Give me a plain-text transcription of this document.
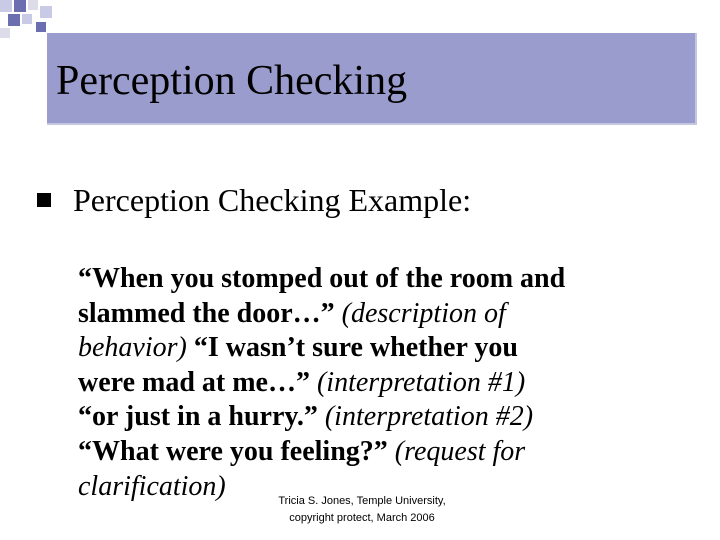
Perception Checking
Perception Checking Example:
“When you stomped out of the room and
slammed the door…” (description of
behavior) “I wasn’t sure whether you
were mad at me…” (interpretation #1)
“or just in a hurry.” (interpretation #2)
“What were you feeling?” (request for
clarification)	Tricia S. Jones, Temple University,
copyright protect, March 2006
